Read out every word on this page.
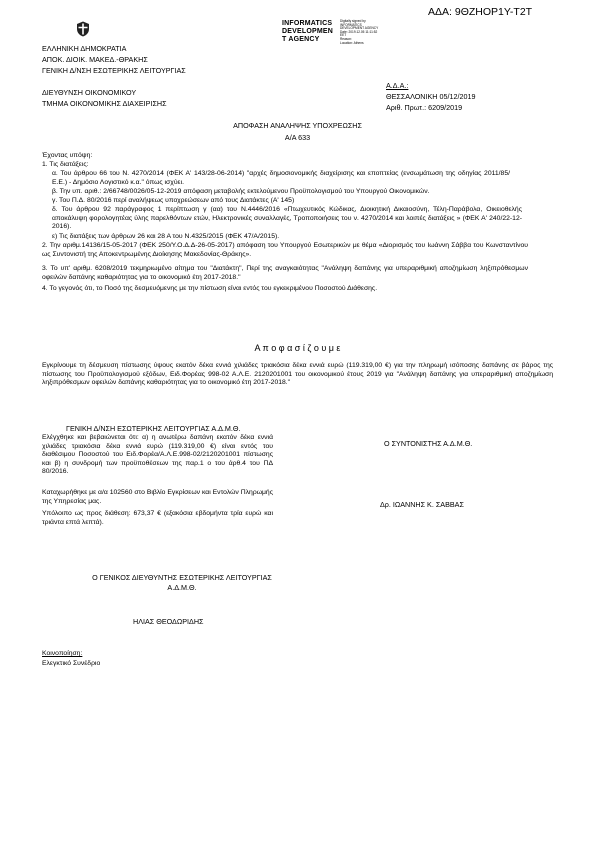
ΑΔΑ: 9ΘΖΗΟΡ1Υ-Τ2Τ
ΕΛΛΗΝΙΚΗ ΔΗΜΟΚΡΑΤΙΑ
ΑΠΟΚ. ΔΙΟΙΚ. ΜΑΚΕΔ.-ΘΡΑΚΗΣ
ΓΕΝΙΚΗ Δ/ΝΣΗ ΕΣΩΤΕΡΙΚΗΣ ΛΕΙΤΟΥΡΓΙΑΣ
ΔΙΕΥΘΥΝΣΗ ΟΙΚΟΝΟΜΙΚΟΥ
ΤΜΗΜΑ ΟΙΚΟΝΟΜΙΚΗΣ ΔΙΑΧΕΙΡΙΣΗΣ
INFORMATICS
DEVELOPMEN
T AGENCY
Digitally signed by
INFORMATICS
DEVELOPMENT AGENCY
Date: 2019.12.05 11:11:52
EET
Reason:
Location: Athens
Α.Δ.Α.:
ΘΕΣΣΑΛΟΝΙΚΗ 05/12/2019
Αριθ. Πρωτ.: 6209/2019
ΑΠΟΦΑΣΗ ΑΝΑΛΗΨΗΣ ΥΠΟΧΡΕΩΣΗΣ
Α/Α 633
Έχοντας υπόψη:
1. Τις διατάξεις:
α. Του άρθρου 66 του Ν. 4270/2014 (ΦΕΚ Α' 143/28-06-2014) "αρχές δημοσιονομικής διαχείρισης και εποπτείας (ενσωμάτωση της οδηγίας 2011/85/Ε.Ε.) - Δημόσιο Λογιστικό κ.α." όπως ισχύει.
β. Την υπ. αριθ.: 2/66748/0026/05-12-2019 απόφαση μεταβολής εκτελούμενου Προϋπολογισμού του Υπουργού Οικονομικών.
γ. Του Π.Δ. 80/2016 περί αναλήψεως υποχρεώσεων από τους Διατάκτες (Α' 145)
δ. Του άρθρου 92 παράγραφος 1 περίπτωση γ (αα) του Ν.4446/2016 «Πτωχευτικός Κώδικας, Διοικητική Δικαιοσύνη, Τέλη-Παράβολα, Οικειοθελής αποκάλυψη φορολογητέας ύλης παρελθόντων ετών, Ηλεκτρονικές συναλλαγές, Τροποποιήσεις του ν. 4270/2014 και λοιπές διατάξεις » (ΦΕΚ Α' 240/22-12-2016).
ε) Τις διατάξεις των άρθρων 26 και 28 Α του Ν.4325/2015 (ΦΕΚ 47/Α/2015).
2. Την αριθμ.14136/15-05-2017 (ΦΕΚ 250/Υ.Ο.Δ.Δ-26-05-2017) απόφαση του Υπουργού Εσωτερικών με θέμα «Διορισμός του Ιωάννη Σάββα του Κωνσταντίνου ως Συντονιστή της Αποκεντρωμένης Διοίκησης Μακεδονίας-Θράκης».
3. Το υπ' αριθμ. 6208/2019 τεκμηριωμένο αίτημα του "Διατάκτη", Περί της αναγκαιότητας "Ανάληψη δαπάνης για υπεραριθμική αποζημίωση ληξιπρόθεσμων οφειλών δαπάνης καθαριότητας για το οικονομικό έτη 2017-2018."
4. Το γεγονός ότι, το Ποσό της δεσμευόμενης με την πίστωση είναι εντός του εγκεκριμένου Ποσοστού Διάθεσης.
Α π ο φ α σ ί ζ ο υ μ ε
Εγκρίνουμε τη δέσμευση πίστωσης ύψους εκατόν δέκα εννιά χιλιάδες τριακόσια δέκα εννιά ευρώ (119.319,00 €) για την πληρωμή ισόποσης δαπάνης σε βάρος της πίστωσης του Προϋπολογισμού εξόδων, Ειδ.Φορέας 998-02 Α.Λ.Ε. 2120201001 του οικονομικού έτους 2019 για "Ανάληψη δαπάνης για υπεραριθμική αποζημίωση ληξιπρόθεσμων οφειλών δαπάνης καθαριότητας για το οικονομικό έτη 2017-2018."
ΓΕΝΙΚΗ Δ/ΝΣΗ ΕΣΩΤΕΡΙΚΗΣ ΛΕΙΤΟΥΡΓΙΑΣ Α.Δ.Μ.Θ.
Ελέγχθηκε και βεβαιώνεται ότι: α) η ανωτέρω δαπάνη εκατόν δέκα εννιά χιλιάδες τριακόσια δέκα εννιά ευρώ (119.319,00 €) είναι εντός του διαθέσιμου Ποσοστού του Ειδ.Φορέα/Α.Λ.Ε.998-02/2120201001 πίστωσης και β) η συνδρομή των προϋποθέσεων της παρ.1 ο του άρθ.4 του ΠΔ 80/2016.
Καταχωρήθηκε με α/α 102560 στο Βιβλίο Εγκρίσεων και Εντολών Πληρωμής της Υπηρεσίας μας.
Υπόλοιπο ως προς διάθεση: 673,37 € (εξακόσια εβδομήντα τρία ευρώ και τριάντα επτά λεπτά).
Ο ΣΥΝΤΟΝΙΣΤΗΣ Α.Δ.Μ.Θ.
Δρ. ΙΩΑΝΝΗΣ Κ. ΣΑΒΒΑΣ
Ο ΓΕΝΙΚΟΣ ΔΙΕΥΘΥΝΤΗΣ ΕΣΩΤΕΡΙΚΗΣ ΛΕΙΤΟΥΡΓΙΑΣ
Α.Δ.Μ.Θ.
ΗΛΙΑΣ ΘΕΟΔΩΡΙΔΗΣ
Κοινοποίηση:
Ελεγκτικό Συνέδριο
